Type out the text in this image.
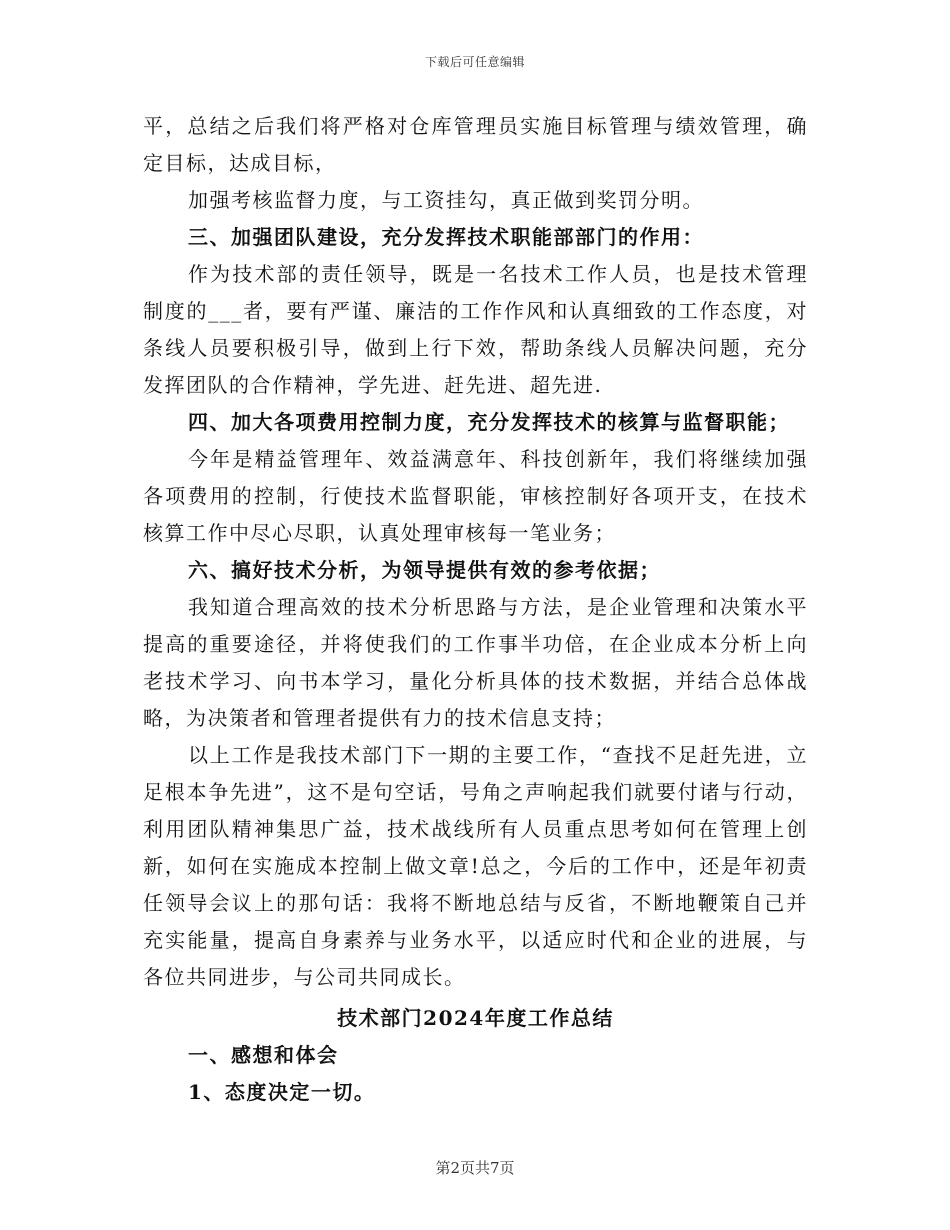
下载后可任意编辑

平，总结之后我们将严格对仓库管理员实施目标管理与绩效管理，确定目标，达成目标，

加强考核监督力度，与工资挂勾，真正做到奖罚分明。

三、加强团队建设，充分发挥技术职能部部门的作用：

作为技术部的责任领导，既是一名技术工作人员，也是技术管理制度的___者，要有严谨、廉洁的工作作风和认真细致的工作态度，对条线人员要积极引导，做到上行下效，帮助条线人员解决问题，充分发挥团队的合作精神，学先进、赶先进、超先进.

四、加大各项费用控制力度，充分发挥技术的核算与监督职能；

今年是精益管理年、效益满意年、科技创新年，我们将继续加强各项费用的控制，行使技术监督职能，审核控制好各项开支，在技术核算工作中尽心尽职，认真处理审核每一笔业务；

六、搞好技术分析，为领导提供有效的参考依据；

我知道合理高效的技术分析思路与方法，是企业管理和决策水平提高的重要途径，并将使我们的工作事半功倍，在企业成本分析上向老技术学习、向书本学习，量化分析具体的技术数据，并结合总体战略，为决策者和管理者提供有力的技术信息支持；

以上工作是我技术部门下一期的主要工作，“查找不足赶先进，立足根本争先进”，这不是句空话，号角之声响起我们就要付诸与行动，利用团队精神集思广益，技术战线所有人员重点思考如何在管理上创新，如何在实施成本控制上做文章!总之，今后的工作中，还是年初责任领导会议上的那句话：我将不断地总结与反省，不断地鞭策自己并充实能量，提高自身素养与业务水平，以适应时代和企业的进展，与各位共同进步，与公司共同成长。

技术部门2024年度工作总结

一、感想和体会

1、态度决定一切。

第2页共7页
